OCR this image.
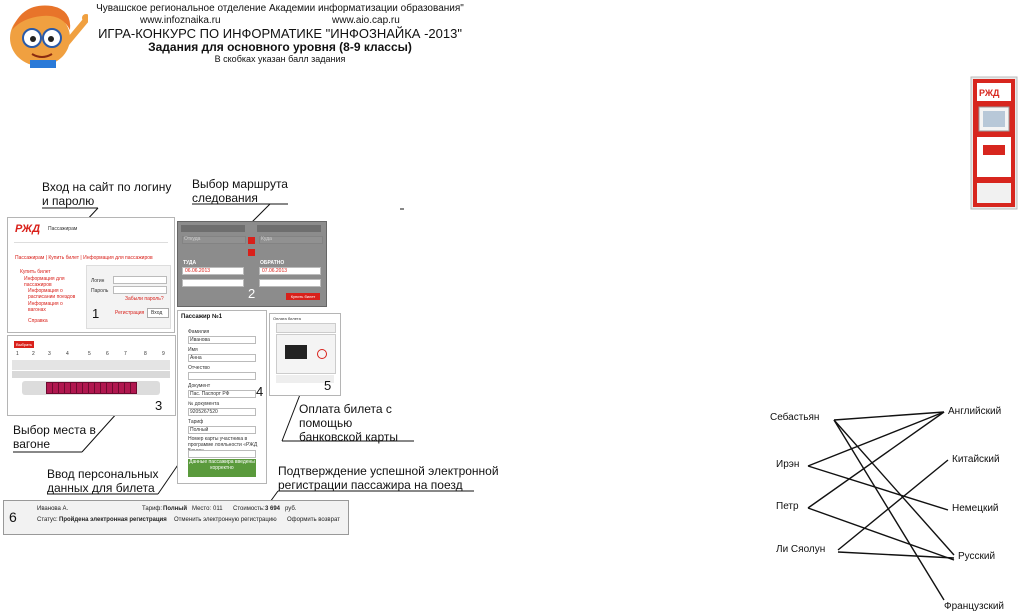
Чувашское региональное отделение Академии информатизации образования"
www.infoznaika.ru	www.aio.cap.ru
ИГРА-КОНКУРС ПО ИНФОРМАТИКЕ "ИНФОЗНАЙКА -2013"
Задания для основного уровня (8-9 классы)
В скобках указан балл задания
РЖД
Вход на сайт по логину и паролю
Выбор маршрута следования
Выбор места в вагоне
Ввод персональных данных для билета
Оплата билета с помощью банковской карты
Подтверждение успешной электронной регистрации пассажира на поезд
РЖД Пассажирам
Пассажирам | Купить билет | Информация для пассажиров
Купить билет
Информация для пассажиров
Информация о расписании поездов
Информация о вагонах
Справка
Логин
Пароль
Забыли пароль?
Регистрация Вход
1
Откуда	Куда
ТУДА	ОБРАТНО
06.06.2013	07.06.2013
Купить билет
2
Выбрать
1	2	3	4	5	6	7	8	9
3
Пассажир №1
Фамилия
Иванова
Имя
Анна
Отчество
Документ
Пас. Паспорт РФ
№ документа
9205267520
Тариф
Полный
Номер карты участника в программе лояльности «РЖД
Данные пассажира введены корректно
4
Оплата билета
5
6	Иванова А.	Тариф: Полный Место: 011 Стоимость: 3 694 руб.
Статус: Пройдена электронная регистрация Отменить электронную регистрацию Оформить возврат
Себастьян
Ирэн
Петр
Ли Сяолун
Английский
Китайский
Немецкий
Русский
Французский
